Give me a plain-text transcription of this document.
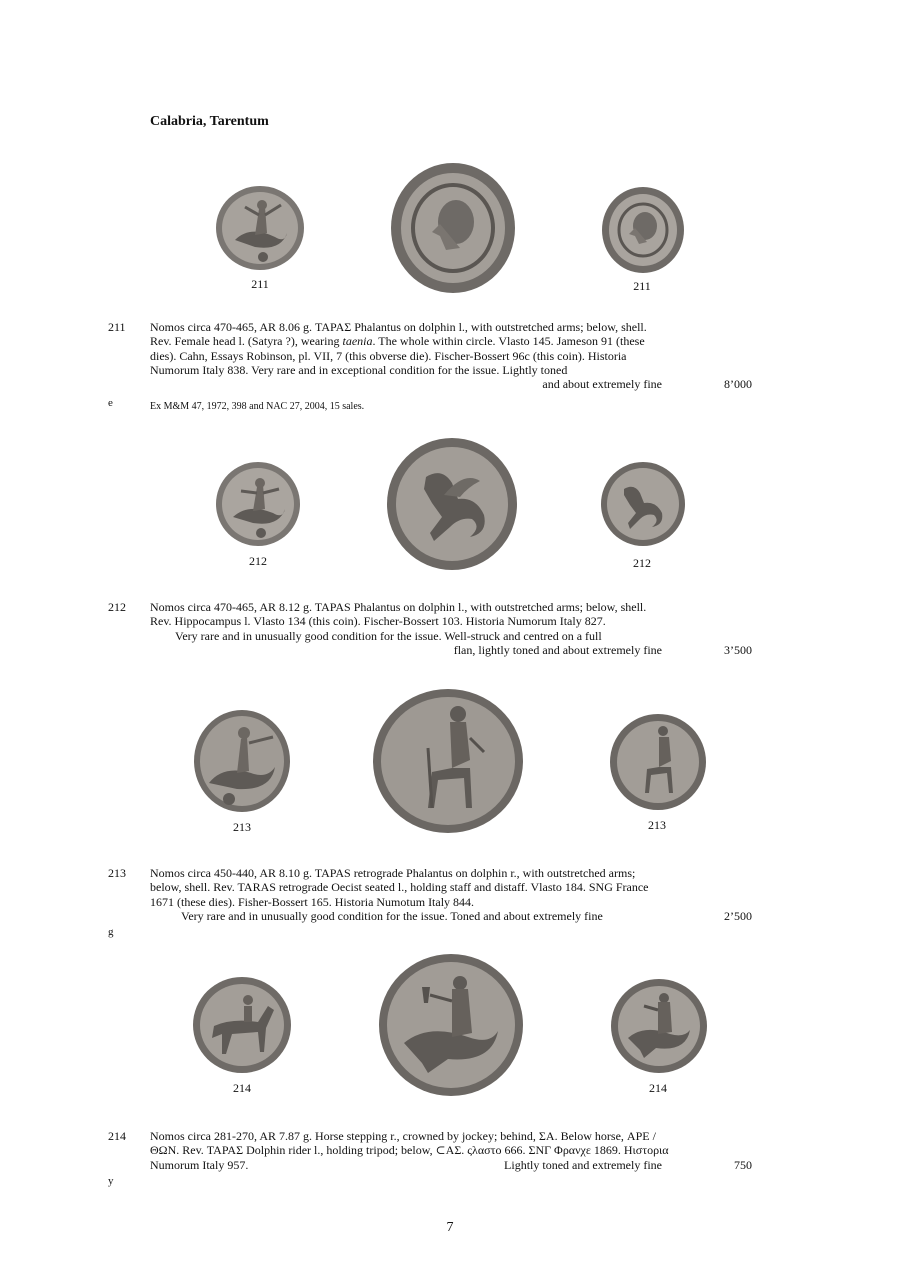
Calabria, Tarentum
211	211
211 Nomos circa 470-465, AR 8.06 g. ΤΑΡΑΣ Phalantus on dolphin l., with outstretched arms; below, shell.
Rev. Female head l. (Satyra ?), wearing taenia. The whole within circle. Vlasto 145. Jameson 91 (these
dies). Cahn, Essays Robinson, pl. VII, 7 (this obverse die). Fischer-Bossert 96c (this coin). Historia
Numorum Italy 838. Very rare and in exceptional condition for the issue. Lightly toned
and about extremely fine	8’000
e	Ex M&M 47, 1972, 398 and NAC 27, 2004, 15 sales.
212	212
212 Nomos circa 470-465, AR 8.12 g. TAPAS Phalantus on dolphin l., with outstretched arms; below, shell.
Rev. Hippocampus l. Vlasto 134 (this coin). Fischer-Bossert 103. Historia Numorum Italy 827.
Very rare and in unusually good condition for the issue. Well-struck and centred on a full
flan, lightly toned and about extremely fine	3’500
213	213
213 Nomos circa 450-440, AR 8.10 g. TAPAS retrograde Phalantus on dolphin r., with outstretched arms;
below, shell. Rev. TARAS retrograde Oecist seated l., holding staff and distaff. Vlasto 184. SNG France
1671 (these dies). Fisher-Bossert 165. Historia Numotum Italy 844.
Very rare and in unusually good condition for the issue. Toned and about extremely fine	2’500
g
214	214
214 Nomos circa 281-270, AR 7.87 g. Horse stepping r., crowned by jockey; behind, ΣΑ. Below horse, ΑΡΕ /
ΘΩΝ. Rev. ΤΑΡΑΣ Dolphin rider l., holding tripod; below, ⊂ΑΣ. ςλαστο 666. ΣΝΓ Φρανχε 1869. Ηιστορια
Numorum Italy 957.	Lightly toned and extremely fine	750
y
7
